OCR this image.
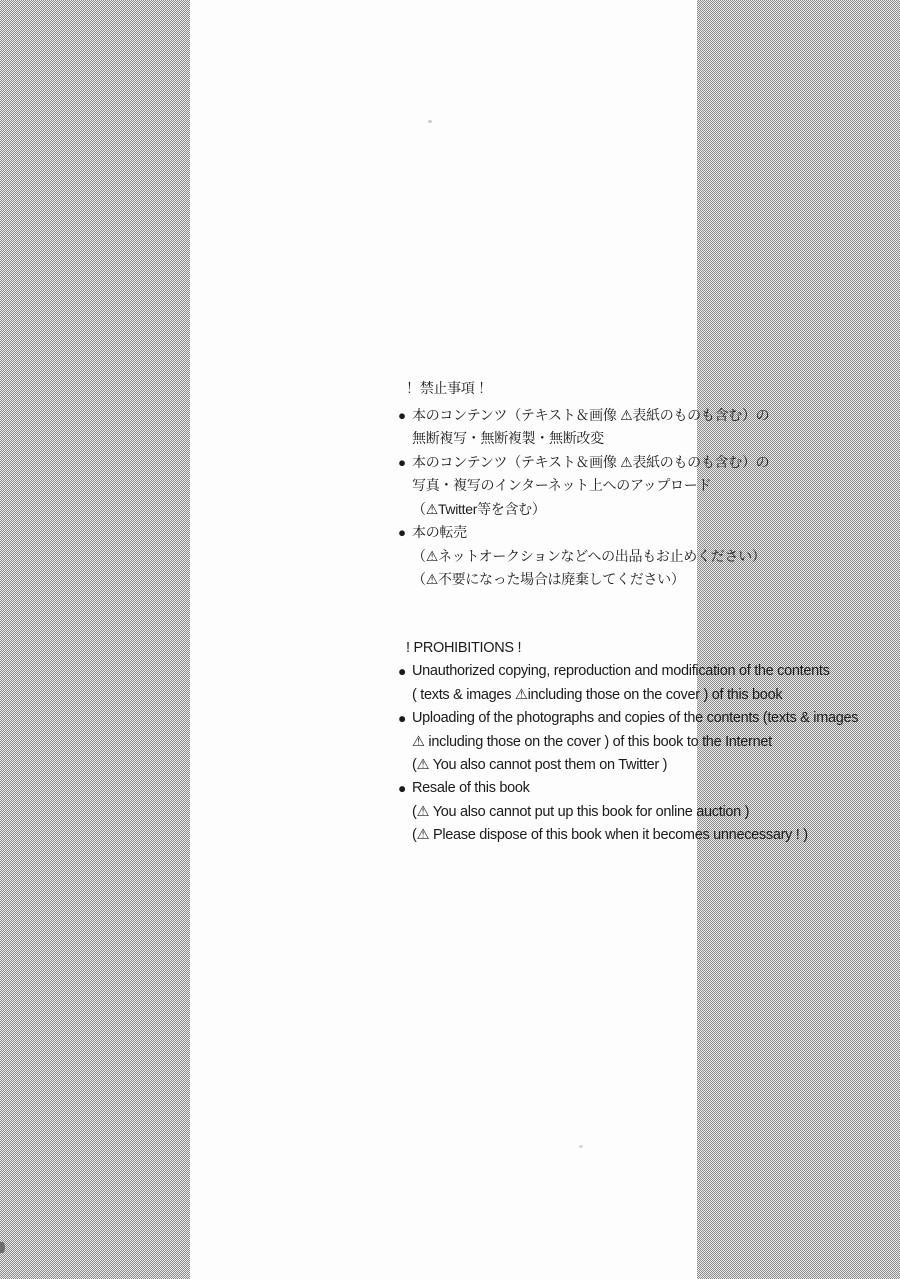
！禁止事項 ！
● 本のコンテンツ（テキスト＆画像 ⚠表紙のものも含む）の
無断複写・無断複製・無断改変
● 本のコンテンツ（テキスト＆画像 ⚠表紙のものも含む）の
写真・複写のインターネット上へのアップロード
（⚠Twitter等を含む）
● 本の転売
（⚠ネットオークションなどへの出品もお止めください）
（⚠不要になった場合は廃棄してください）
! PROHIBITIONS !
● Unauthorized copying, reproduction and modification of the contents
( texts & images ⚠including those on the cover ) of this book
● Uploading of the photographs and copies of the contents (texts & images
⚠ including those on the cover ) of this book to the Internet
(⚠ You also cannot post them on Twitter )
● Resale of this book
(⚠ You also cannot put up this book for online auction )
(⚠ Please dispose of this book when it becomes unnecessary ! )
